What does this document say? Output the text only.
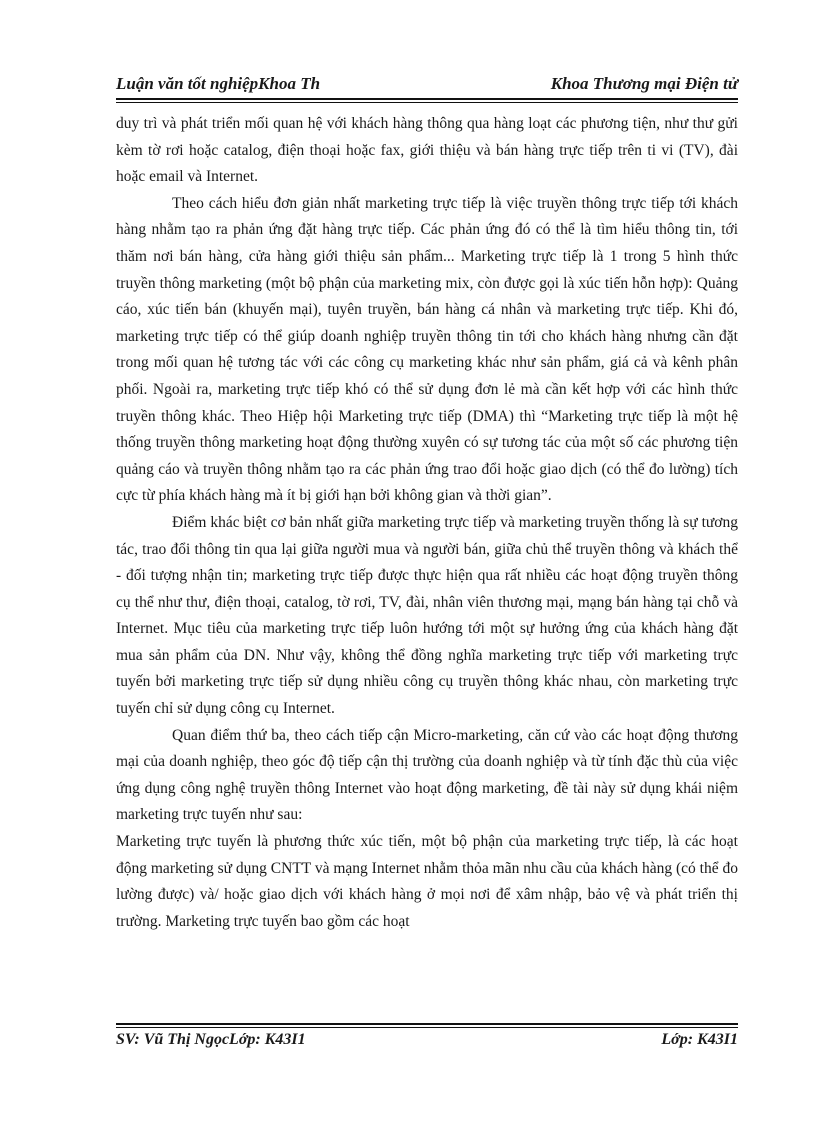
Luận văn tốt nghiệpKhoa Th	Khoa Thương mại Điện tử

duy trì và phát triển mối quan hệ với khách hàng thông qua hàng loạt các phương tiện, như thư gửi kèm tờ rơi hoặc catalog, điện thoại hoặc fax, giới thiệu và bán hàng trực tiếp trên ti vi (TV), đài hoặc email và Internet.

Theo cách hiểu đơn giản nhất marketing trực tiếp là việc truyền thông trực tiếp tới khách hàng nhằm tạo ra phản ứng đặt hàng trực tiếp. Các phản ứng đó có thể là tìm hiểu thông tin, tới thăm nơi bán hàng, cửa hàng giới thiệu sản phẩm... Marketing trực tiếp là 1 trong 5 hình thức truyền thông marketing (một bộ phận của marketing mix, còn được gọi là xúc tiến hỗn hợp): Quảng cáo, xúc tiến bán (khuyến mại), tuyên truyền, bán hàng cá nhân và marketing trực tiếp. Khi đó, marketing trực tiếp có thể giúp doanh nghiệp truyền thông tin tới cho khách hàng nhưng cần đặt trong mối quan hệ tương tác với các công cụ marketing khác như sản phẩm, giá cả và kênh phân phối. Ngoài ra, marketing trực tiếp khó có thể sử dụng đơn lẻ mà cần kết hợp với các hình thức truyền thông khác. Theo Hiệp hội Marketing trực tiếp (DMA) thì “Marketing trực tiếp là một hệ thống truyền thông marketing hoạt động thường xuyên có sự tương tác của một số các phương tiện quảng cáo và truyền thông nhằm tạo ra các phản ứng trao đổi hoặc giao dịch (có thể đo lường) tích cực từ phía khách hàng mà ít bị giới hạn bởi không gian và thời gian”.

Điểm khác biệt cơ bản nhất giữa marketing trực tiếp và marketing truyền thống là sự tương tác, trao đổi thông tin qua lại giữa người mua và người bán, giữa chủ thể truyền thông và khách thể - đối tượng nhận tin; marketing trực tiếp được thực hiện qua rất nhiều các hoạt động truyền thông cụ thể như thư, điện thoại, catalog, tờ rơi, TV, đài, nhân viên thương mại, mạng bán hàng tại chỗ và Internet. Mục tiêu của marketing trực tiếp luôn hướng tới một sự hưởng ứng của khách hàng đặt mua sản phẩm của DN. Như vậy, không thể đồng nghĩa marketing trực tiếp với marketing trực tuyến bởi marketing trực tiếp sử dụng nhiều công cụ truyền thông khác nhau, còn marketing trực tuyến chỉ sử dụng công cụ Internet.

Quan điểm thứ ba, theo cách tiếp cận Micro-marketing, căn cứ vào các hoạt động thương mại của doanh nghiệp, theo góc độ tiếp cận thị trường của doanh nghiệp và từ tính đặc thù của việc ứng dụng công nghệ truyền thông Internet vào hoạt động marketing, đề tài này sử dụng khái niệm marketing trực tuyến như sau:

Marketing trực tuyến là phương thức xúc tiến, một bộ phận của marketing trực tiếp, là các hoạt động marketing sử dụng CNTT và mạng Internet nhằm thỏa mãn nhu cầu của khách hàng (có thể đo lường được) và/ hoặc giao dịch với khách hàng ở mọi nơi để xâm nhập, bảo vệ và phát triển thị trường. Marketing trực tuyến bao gồm các hoạt

SV: Vũ Thị NgọcLớp: K43I1	Lớp: K43I1
